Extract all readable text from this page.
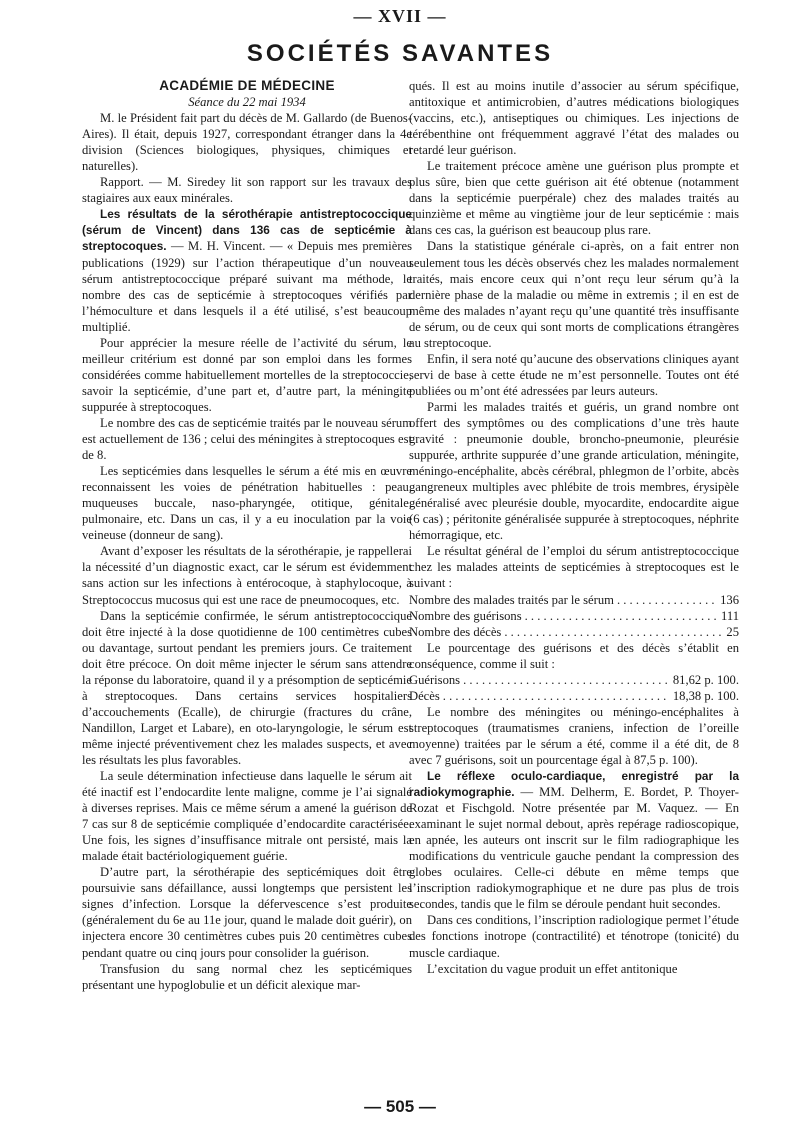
— XVII —
SOCIÉTÉS SAVANTES

ACADÉMIE DE MÉDECINE

Séance du 22 mai 1934

M. le Président fait part du décès de M. Gallardo (de Buenos-Aires). Il était, depuis 1927, correspondant étranger dans la 4e division (Sciences biologiques, physiques, chimiques et naturelles).

Rapport. — M. Siredey lit son rapport sur les travaux des stagiaires aux eaux minérales.

Les résultats de la sérothérapie antistreptococcique (sérum de Vincent) dans 136 cas de septicémie à streptocoques. — M. H. Vincent. — « Depuis mes premières publications (1929) sur l’action thérapeutique d’un nouveau sérum antistreptococcique préparé suivant ma méthode, le nombre des cas de septicémie à streptocoques vérifiés par l’hémoculture et dans lesquels il a été utilisé, s’est beaucoup multiplié.

Pour apprécier la mesure réelle de l’activité du sérum, le meilleur critérium est donné par son emploi dans les formes considérées comme habituellement mortelles de la streptococcie, savoir la septicémie, d’une part et, d’autre part, la méningite suppurée à streptocoques.

Le nombre des cas de septicémie traités par le nouveau sérum est actuellement de 136 ; celui des méningites à streptocoques est de 8.

Les septicémies dans lesquelles le sérum a été mis en œuvre reconnaissent les voies de pénétration habituelles : peau, muqueuses buccale, naso-pharyngée, otitique, génitale, pulmonaire, etc. Dans un cas, il y a eu inoculation par la voie veineuse (donneur de sang).

Avant d’exposer les résultats de la sérothérapie, je rappellerai la nécessité d’un diagnostic exact, car le sérum est évidemment sans action sur les infections à entérocoque, à staphylocoque, à Streptococcus mucosus qui est une race de pneumocoques, etc.

Dans la septicémie confirmée, le sérum antistreptococcique doit être injecté à la dose quotidienne de 100 centimètres cubes ou davantage, surtout pendant les premiers jours. Ce traitement doit être précoce. On doit même injecter le sérum sans attendre la réponse du laboratoire, quand il y a présomption de septicémie à streptocoques. Dans certains services hospitaliers d’accouchements (Ecalle), de chirurgie (fractures du crâne, Nandillon, Larget et Labare), en oto-laryngologie, le sérum est même injecté préventivement chez les malades suspects, et avec les résultats les plus favorables.

La seule détermination infectieuse dans laquelle le sérum ait été inactif est l’endocardite lente maligne, comme je l’ai signalé à diverses reprises. Mais ce même sérum a amené la guérison de 7 cas sur 8 de septicémie compliquée d’endocardite caractérisée. Une fois, les signes d’insuffisance mitrale ont persisté, mais la malade était bactériologiquement guérie.

D’autre part, la sérothérapie des septicémiques doit être poursuivie sans défaillance, aussi longtemps que persistent les signes d’infection. Lorsque la défervescence s’est produite (généralement du 6e au 11e jour, quand le malade doit guérir), on injectera encore 30 centimètres cubes puis 20 centimètres cubes pendant quatre ou cinq jours pour consolider la guérison.

Transfusion du sang normal chez les septicémiques présentant une hypoglobulie et un déficit alexique mar-

qués. Il est au moins inutile d’associer au sérum spécifique, antitoxique et antimicrobien, d’autres médications biologiques (vaccins, etc.), antiseptiques ou chimiques. Les injections de térébenthine ont fréquemment aggravé l’état des malades ou retardé leur guérison.

Le traitement précoce amène une guérison plus prompte et plus sûre, bien que cette guérison ait été obtenue (notamment dans la septicémie puerpérale) chez des malades traités au quinzième et même au vingtième jour de leur septicémie : mais dans ces cas, la guérison est beaucoup plus rare.

Dans la statistique générale ci-après, on a fait entrer non seulement tous les décès observés chez les malades normalement traités, mais encore ceux qui n’ont reçu leur sérum qu’à la dernière phase de la maladie ou même in extremis ; il en est de même des malades n’ayant reçu qu’une quantité très insuffisante de sérum, ou de ceux qui sont morts de complications étrangères au streptocoque.

Enfin, il sera noté qu’aucune des observations cliniques ayant servi de base à cette étude ne m’est personnelle. Toutes ont été publiées ou m’ont été adressées par leurs auteurs.

Parmi les malades traités et guéris, un grand nombre ont offert des symptômes ou des complications d’une très haute gravité : pneumonie double, broncho-pneumonie, pleurésie suppurée, arthrite suppurée d’une grande articulation, méningite, méningo-encéphalite, abcès cérébral, phlegmon de l’orbite, abcès gangreneux multiples avec phlébite de trois membres, érysipèle généralisé avec pleurésie double, myocardite, endocardite aigue (6 cas) ; péritonite généralisée suppurée à streptocoques, néphrite hémorragique, etc.

Le résultat général de l’emploi du sérum antistreptococcique chez les malades atteints de septicémies à streptocoques est le suivant :

Nombre des malades traités par le sérum . . .	136
Nombre des guérisons . . .	111
Nombre des décès . . .	25

Le pourcentage des guérisons et des décès s’établit en conséquence, comme il suit :

Guérisons . . .	81,62 p. 100.
Décès . . .	18,38 p. 100.

Le nombre des méningites ou méningo-encéphalites à streptocoques (traumatismes craniens, infection de l’oreille moyenne) traitées par le sérum a été, comme il a été dit, de 8 avec 7 guérisons, soit un pourcentage égal à 87,5 p. 100).

Le réflexe oculo-cardiaque, enregistré par la radiokymographie. — MM. Delherm, E. Bordet, P. Thoyer-Rozat et Fischgold. Notre présentée par M. Vaquez. — En examinant le sujet normal debout, après repérage radioscopique, en apnée, les auteurs ont inscrit sur le film radiographique les modifications du ventricule gauche pendant la compression des globes oculaires. Celle-ci débute en même temps que l’inscription radiokymographique et ne dure pas plus de trois secondes, tandis que le film se déroule pendant huit secondes.

Dans ces conditions, l’inscription radiologique permet l’étude des fonctions inotrope (contractilité) et ténotrope (tonicité) du muscle cardiaque.

L’excitation du vague produit un effet antitonique

— 505 —
